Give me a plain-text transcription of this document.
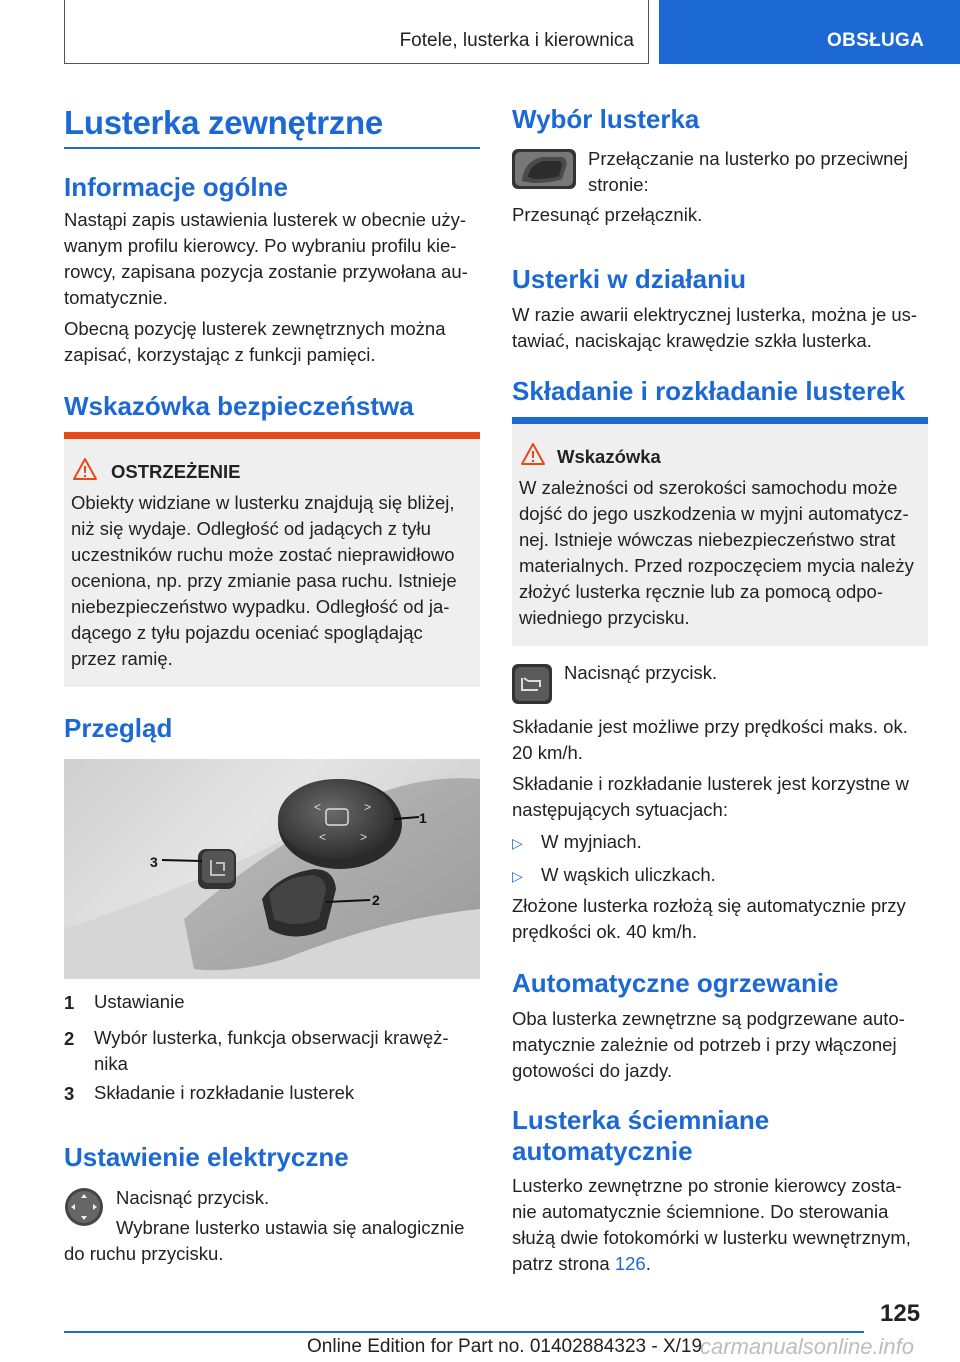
Fotele, lusterka i kierownica	OBSŁUGA
Lusterka zewnętrzne
Informacje ogólne

Nastąpi zapis ustawienia lusterek w obecnie uży-
wanym profilu kierowcy. Po wybraniu profilu kie-
rowcy, zapisana pozycja zostanie przywołana au-
tomatycznie.

Obecną pozycję lusterek zewnętrznych można
zapisać, korzystając z funkcji pamięci.

Wskazówka bezpieczeństwa
OSTRZEŻENIE

Obiekty widziane w lusterku znajdują się bliżej,
niż się wydaje. Odległość od jadących z tyłu
uczestników ruchu może zostać nieprawidłowo
oceniona, np. przy zmianie pasa ruchu. Istnieje
niebezpieczeństwo wypadku. Odległość od ja-
dącego z tyłu pojazdu oceniać spoglądając
przez ramię.

Przegląd
<	>
<	>
1
2
3
1 Ustawianie
2 Wybór lusterka, funkcja obserwacji krawęż-
nika
3 Składanie i rozkładanie lusterek
Ustawienie elektryczne
Nacisnąć przycisk.

Wybrane lusterko ustawia się analogicznie

do ruchu przycisku.

Wybór lusterka

Przełączanie na lusterko po przeciwnej
stronie:

Przesunąć przełącznik.

Usterki w działaniu

W razie awarii elektrycznej lusterka, można je us-
tawiać, naciskając krawędzie szkła lusterka.

Składanie i rozkładanie lusterek
Wskazówka

W zależności od szerokości samochodu może
dojść do jego uszkodzenia w myjni automatycz-
nej. Istnieje wówczas niebezpieczeństwo strat
materialnych. Przed rozpoczęciem mycia należy
złożyć lusterka ręcznie lub za pomocą odpo-
wiedniego przycisku.

Nacisnąć przycisk.

Składanie jest możliwe przy prędkości maks. ok.
20 km/h.

Składanie i rozkładanie lusterek jest korzystne w
następujących sytuacjach:

▷ W myjniach.
▷ W wąskich uliczkach.

Złożone lusterka rozłożą się automatycznie przy
prędkości ok. 40 km/h.

Automatyczne ogrzewanie

Oba lusterka zewnętrzne są podgrzewane auto-
matycznie zależnie od potrzeb i przy włączonej
gotowości do jazdy.

Lusterka ściemniane
automatycznie

Lusterko zewnętrzne po stronie kierowcy zosta-
nie automatycznie ściemnione. Do sterowania
służą dwie fotokomórki w lusterku wewnętrznym,
patrz strona 126.

125
carmanualsonline.info
Online Edition for Part no. 01402884323 - X/19
